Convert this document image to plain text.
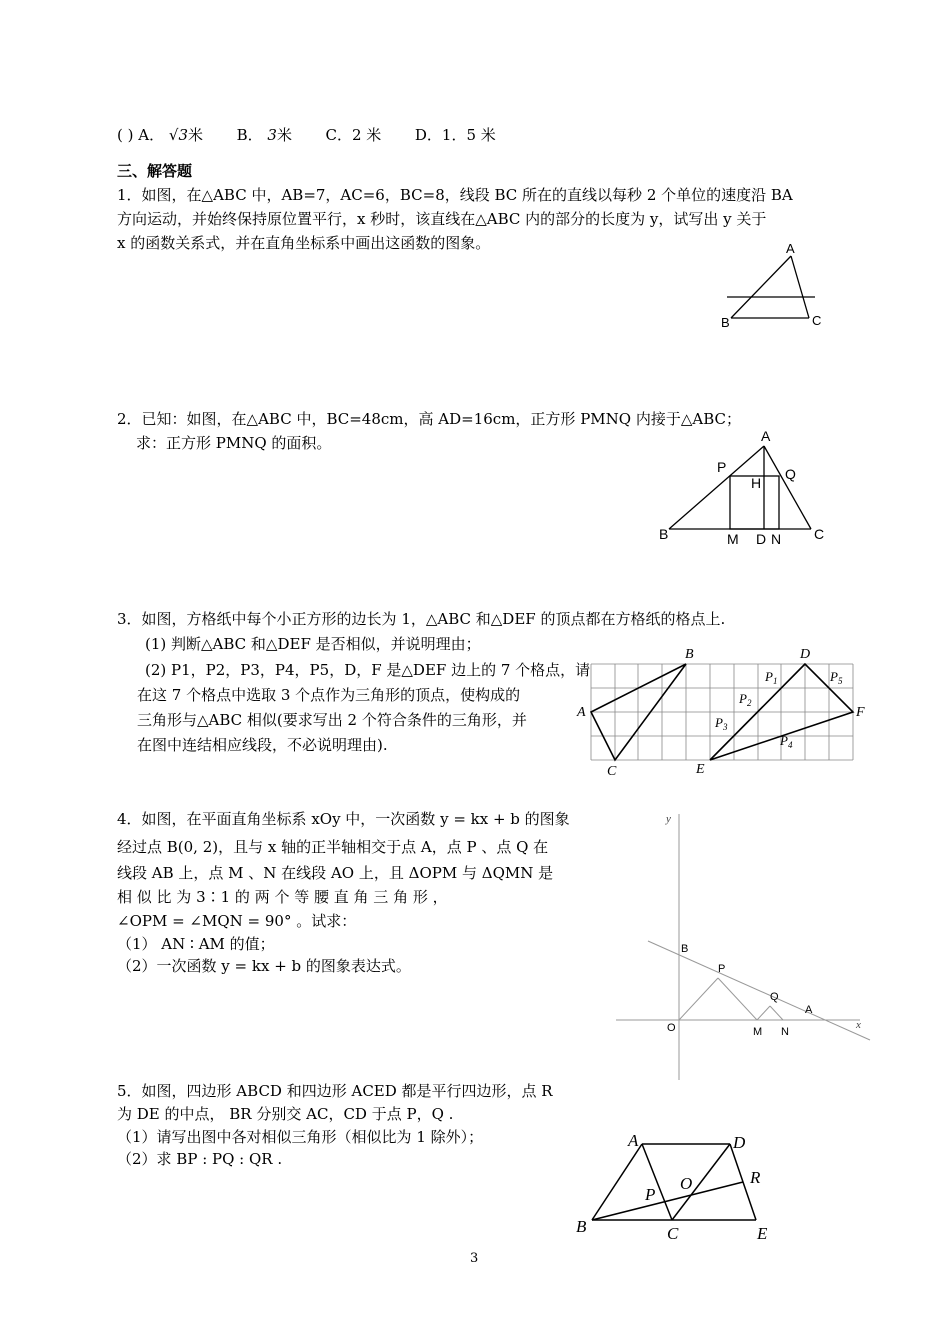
( ) A． √3米 B． 3米 C．2 米 D．1．5 米
三、解答题
1．如图，在△ABC 中，AB=7，AC=6，BC=8，线段 BC 所在的直线以每秒 2 个单位的速度沿 BA
方向运动，并始终保持原位置平行，x 秒时，该直线在△ABC 内的部分的长度为 y，试写出 y 关于
x 的函数关系式，并在直角坐标系中画出这函数的图象。	A
B	C
2．已知：如图，在△ABC 中，BC=48cm，高 AD=16cm，正方形 PMNQ 内接于△ABC；
求：正方形 PMNQ 的面积。	A
P	Q
H
B	M D N C
3．如图，方格纸中每个小正方形的边长为 1，△ABC 和△DEF 的顶点都在方格纸的格点上.
(1) 判断△ABC 和△DEF 是否相似，并说明理由；
(2) P1，P2，P3，P4，P5，D，F 是△DEF 边上的 7 个格点，请
在这 7 个格点中选取 3 个点作为三角形的顶点，使构成的
三角形与△ABC 相似(要求写出 2 个符合条件的三角形，并
在图中连结相应线段，不必说明理由).
A
B
C
D
E
F
$P_1$	$P_5$
$P_2$
$P_3$
$P_4$
4．如图，在平面直角坐标系 xOy 中，一次函数 y = kx + b 的图象
经过点 B(0, 2)，且与 x 轴的正半轴相交于点 A，点 P 、点 Q 在
线段 AB 上，点 M 、N 在线段 AO 上，且 ΔOPM 与 ΔQMN 是
相 似 比 为 3∶1 的 两 个 等 腰 直 角 三 角 形 ，
∠OPM = ∠MQN = 90° 。试求：
（1） AN ∶ AM 的值；
（2）一次函数 y = kx + b 的图象表达式。
y
x
B
P
Q
A
O	M N
5．如图，四边形 ABCD 和四边形 ACED 都是平行四边形，点 R
为 DE 的中点， BR 分别交 AC，CD 于点 P，Q .
（1）请写出图中各对相似三角形（相似比为 1 除外）；
（2）求 BP : PQ : QR .
A	D
R
O
P
B	C	E
3
